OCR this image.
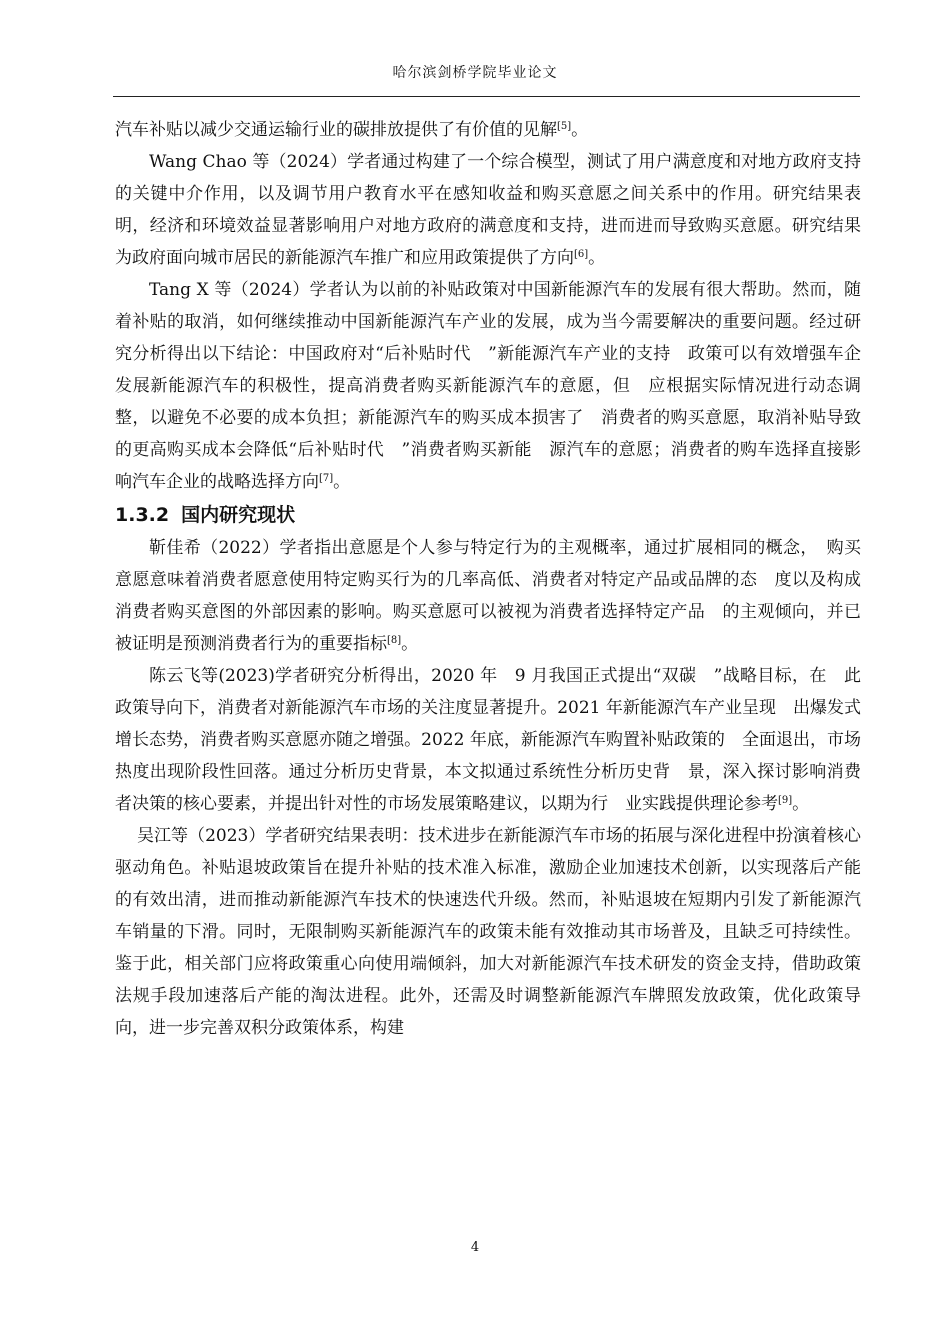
哈尔滨剑桥学院毕业论文

汽车补贴以减少交通运输行业的碳排放提供了有价值的见解[5]。

Wang Chao 等（2024）学者通过构建了一个综合模型，测试了用户满意度和对地方政府支持的关键中介作用，以及调节用户教育水平在感知收益和购买意愿之间关系中的作用。研究结果表明，经济和环境效益显著影响用户对地方政府的满意度和支持，进而进而导致购买意愿。研究结果为政府面向城市居民的新能源汽车推广和应用政策提供了方向[6]。

Tang X 等（2024）学者认为以前的补贴政策对中国新能源汽车的发展有很大帮助。然而，随着补贴的取消，如何继续推动中国新能源汽车产业的发展，成为当今需要解决的重要问题。经过研究分析得出以下结论：中国政府对“后补贴时代　”新能源汽车产业的支持　政策可以有效增强车企发展新能源汽车的积极性，提高消费者购买新能源汽车的意愿，但　应根据实际情况进行动态调整，以避免不必要的成本负担；新能源汽车的购买成本损害了　消费者的购买意愿，取消补贴导致的更高购买成本会降低“后补贴时代　”消费者购买新能　源汽车的意愿；消费者的购车选择直接影响汽车企业的战略选择方向[7]。

1.3.2 国内研究现状

靳佳希（2022）学者指出意愿是个人参与特定行为的主观概率，通过扩展相同的概念，　购买意愿意味着消费者愿意使用特定购买行为的几率高低、消费者对特定产品或品牌的态　度以及构成消费者购买意图的外部因素的影响。购买意愿可以被视为消费者选择特定产品　的主观倾向，并已被证明是预测消费者行为的重要指标[8]。

陈云飞等(2023)学者研究分析得出，2020 年　9 月我国正式提出“双碳　”战略目标，在　此政策导向下，消费者对新能源汽车市场的关注度显著提升。2021 年新能源汽车产业呈现　出爆发式增长态势，消费者购买意愿亦随之增强。2022 年底，新能源汽车购置补贴政策的　全面退出，市场热度出现阶段性回落。通过分析历史背景，本文拟通过系统性分析历史背　景，深入探讨影响消费者决策的核心要素，并提出针对性的市场发展策略建议，以期为行　业实践提供理论参考[9]。

吴江等（2023）学者研究结果表明：技术进步在新能源汽车市场的拓展与深化进程中扮演着核心驱动角色。补贴退坡政策旨在提升补贴的技术准入标准，激励企业加速技术创新，以实现落后产能的有效出清，进而推动新能源汽车技术的快速迭代升级。然而，补贴退坡在短期内引发了新能源汽车销量的下滑。同时，无限制购买新能源汽车的政策未能有效推动其市场普及，且缺乏可持续性。鉴于此，相关部门应将政策重心向使用端倾斜，加大对新能源汽车技术研发的资金支持，借助政策法规手段加速落后产能的淘汰进程。此外，还需及时调整新能源汽车牌照发放政策，优化政策导向，进一步完善双积分政策体系，构建

4
